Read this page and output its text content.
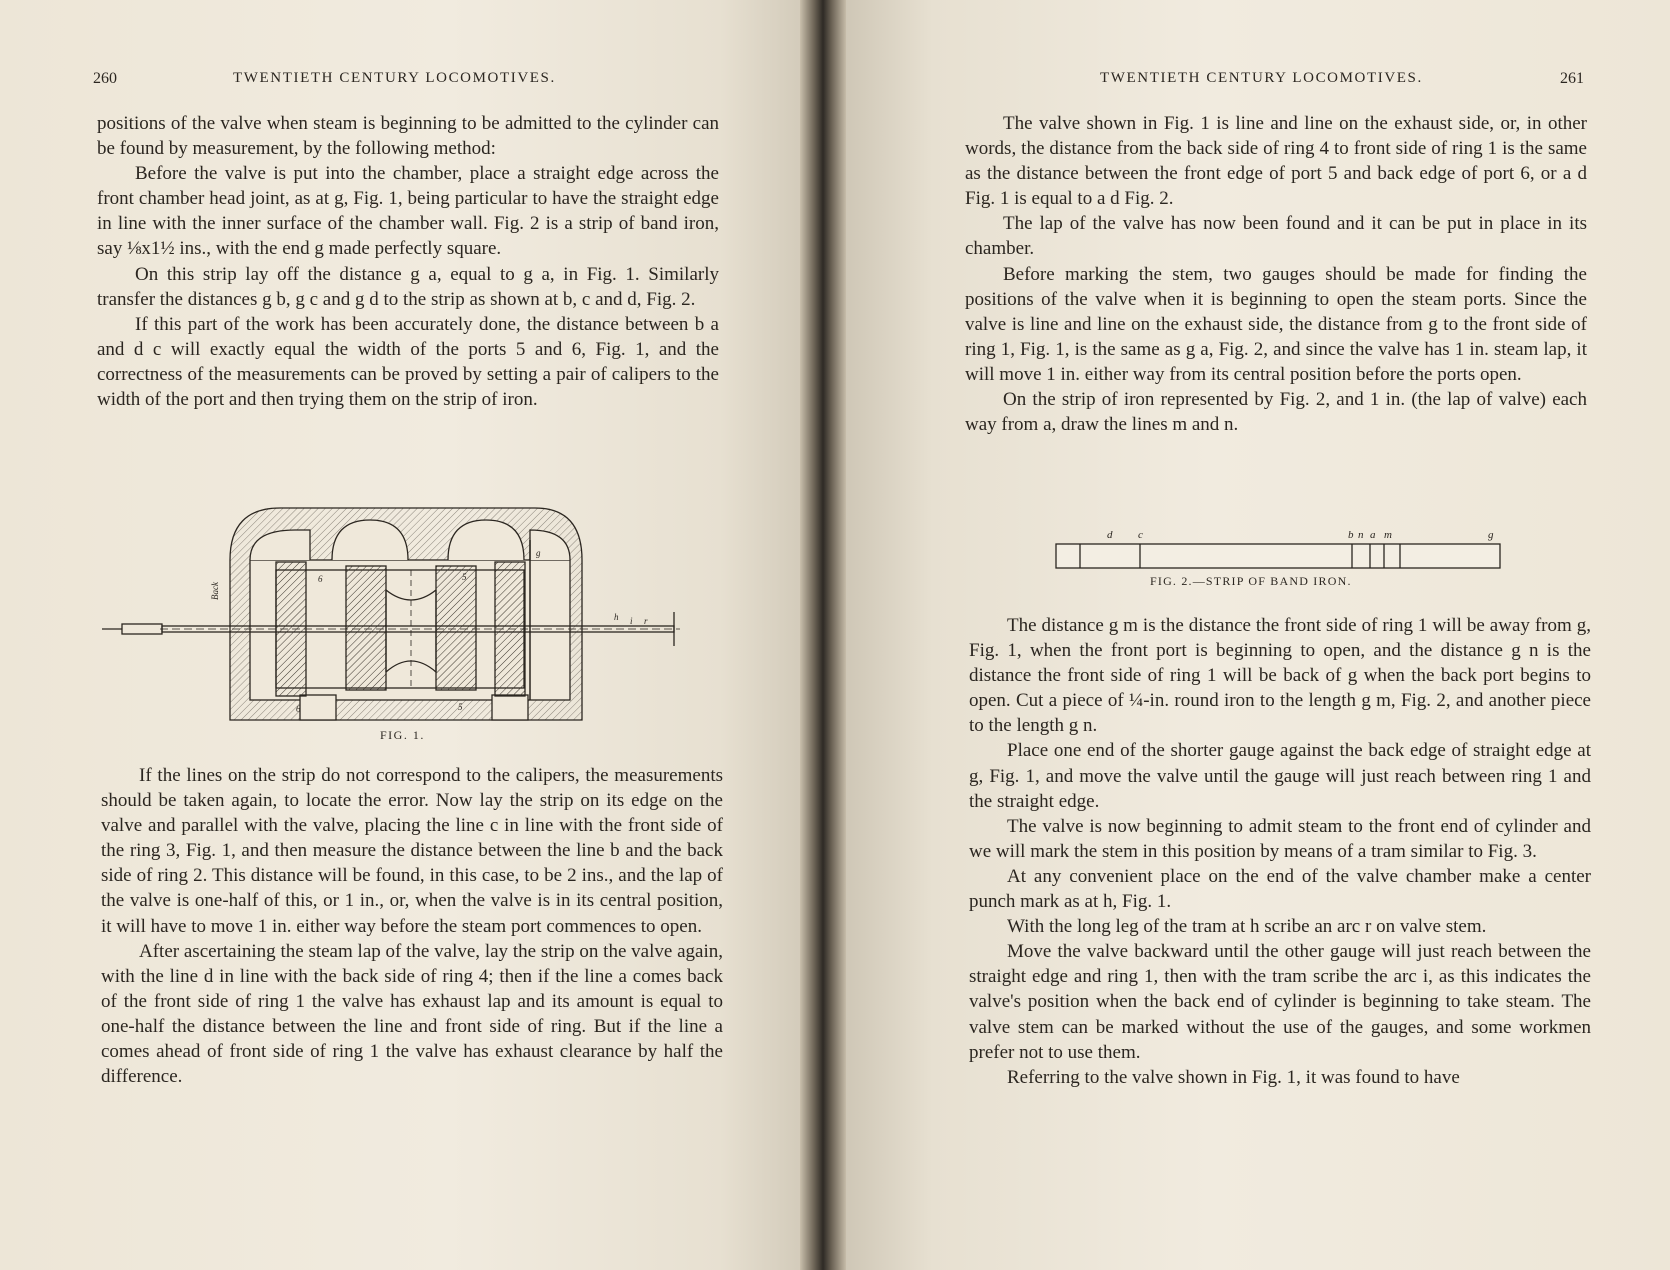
260	TWENTIETH CENTURY LOCOMOTIVES.

positions of the valve when steam is beginning to be admitted to the cylinder can be found by measurement, by the following method:

Before the valve is put into the chamber, place a straight edge across the front chamber head joint, as at g, Fig. 1, being particular to have the straight edge in line with the inner surface of the chamber wall. Fig. 2 is a strip of band iron, say ⅛x1½ ins., with the end g made perfectly square.

On this strip lay off the distance g a, equal to g a, in Fig. 1. Similarly transfer the distances g b, g c and g d to the strip as shown at b, c and d, Fig. 2.

If this part of the work has been accurately done, the distance between b a and d c will exactly equal the width of the ports 5 and 6, Fig. 1, and the correctness of the measurements can be proved by setting a pair of calipers to the width of the port and then trying them on the strip of iron.

Back
6	5
6	5
g
h i r
FIG. 1.

If the lines on the strip do not correspond to the calipers, the measurements should be taken again, to locate the error. Now lay the strip on its edge on the valve and parallel with the valve, placing the line c in line with the front side of the ring 3, Fig. 1, and then measure the distance between the line b and the back side of ring 2. This distance will be found, in this case, to be 2 ins., and the lap of the valve is one-half of this, or 1 in., or, when the valve is in its central position, it will have to move 1 in. either way before the steam port commences to open.

After ascertaining the steam lap of the valve, lay the strip on the valve again, with the line d in line with the back side of ring 4; then if the line a comes back of the front side of ring 1 the valve has exhaust lap and its amount is equal to one-half the distance between the line and front side of ring. But if the line a comes ahead of front side of ring 1 the valve has exhaust clearance by half the difference.

TWENTIETH CENTURY LOCOMOTIVES.	261

The valve shown in Fig. 1 is line and line on the exhaust side, or, in other words, the distance from the back side of ring 4 to front side of ring 1 is the same as the distance between the front edge of port 5 and back edge of port 6, or a d Fig. 1 is equal to a d Fig. 2.

The lap of the valve has now been found and it can be put in place in its chamber.

Before marking the stem, two gauges should be made for finding the positions of the valve when it is beginning to open the steam ports. Since the valve is line and line on the exhaust side, the distance from g to the front side of ring 1, Fig. 1, is the same as g a, Fig. 2, and since the valve has 1 in. steam lap, it will move 1 in. either way from its central position before the ports open.

On the strip of iron represented by Fig. 2, and 1 in. (the lap of valve) each way from a, draw the lines m and n.

d c	b n a m	g
FIG. 2.—STRIP OF BAND IRON.

The distance g m is the distance the front side of ring 1 will be away from g, Fig. 1, when the front port is beginning to open, and the distance g n is the distance the front side of ring 1 will be back of g when the back port begins to open. Cut a piece of ¼-in. round iron to the length g m, Fig. 2, and another piece to the length g n.

Place one end of the shorter gauge against the back edge of straight edge at g, Fig. 1, and move the valve until the gauge will just reach between ring 1 and the straight edge.

The valve is now beginning to admit steam to the front end of cylinder and we will mark the stem in this position by means of a tram similar to Fig. 3.

At any convenient place on the end of the valve chamber make a center punch mark as at h, Fig. 1.

With the long leg of the tram at h scribe an arc r on valve stem.

Move the valve backward until the other gauge will just reach between the straight edge and ring 1, then with the tram scribe the arc i, as this indicates the valve's position when the back end of cylinder is beginning to take steam. The valve stem can be marked without the use of the gauges, and some workmen prefer not to use them.

Referring to the valve shown in Fig. 1, it was found to have
